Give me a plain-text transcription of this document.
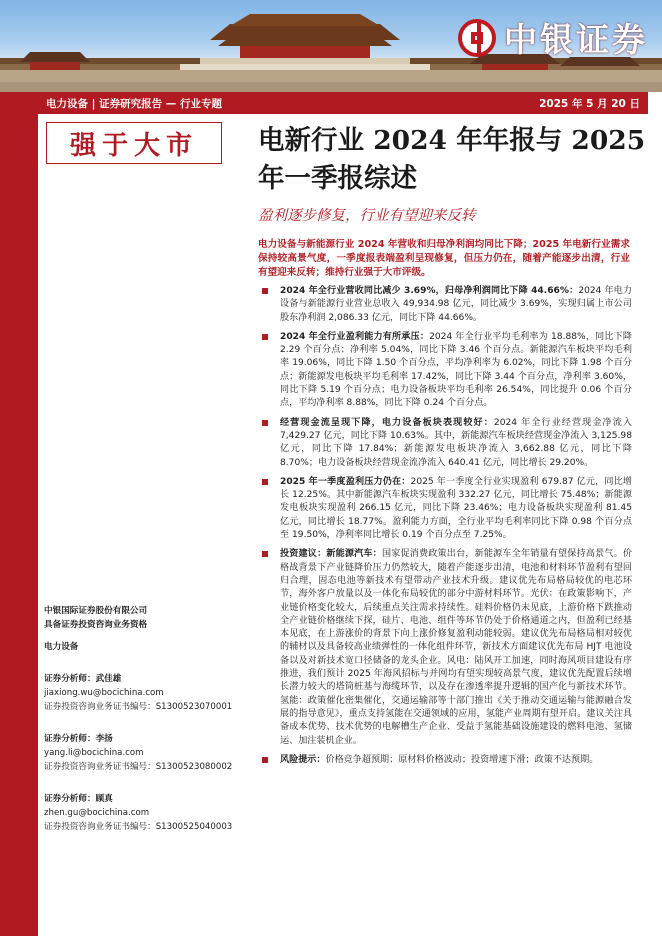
中银证券
电力设备 | 证券研究报告 — 行业专题	2025 年 5 月 20 日
强于大市 电新行业 2024 年年报与 2025 年一季报综述
盈利逐步修复，行业有望迎来反转
电力设备与新能源行业 2024 年营收和归母净利润均同比下降；2025 年电新行业需求保持较高景气度，一季度报表端盈利呈现修复，但压力仍在，随着产能逐步出清，行业有望迎来反转；维持行业强于大市评级。
2024 年全行业营收同比减少 3.69%，归母净利润同比下降 44.66%：2024 年电力设备与新能源行业营业总收入 49,934.98 亿元，同比减少 3.69%，实现归属上市公司股东净利润 2,086.33 亿元，同比下降 44.66%。
2024 年全行业盈利能力有所承压：2024 年全行业平均毛利率为 18.88%，同比下降 2.29 个百分点；净利率 5.04%，同比下降 3.46 个百分点。新能源汽车板块平均毛利率 19.06%，同比下降 1.50 个百分点，平均净利率为 6.02%，同比下降 1.98 个百分点；新能源发电板块平均毛利率 17.42%，同比下降 3.44 个百分点，净利率 3.60%，同比下降 5.19 个百分点；电力设备板块平均毛利率 26.54%，同比提升 0.06 个百分点，平均净利率 8.88%，同比下降 0.24 个百分点。
经营现金流呈现下降，电力设备板块表现较好：2024 年全行业经营现金净流入 7,429.27 亿元，同比下降 10.63%。其中，新能源汽车板块经营现金净流入 3,125.98 亿元，同比下降 17.84%；新能源发电板块净流入 3,662.88 亿元，同比下降 8.70%；电力设备板块经营现金流净流入 640.41 亿元，同比增长 29.20%。
2025 年一季度盈利压力仍在：2025 年一季度全行业实现盈利 679.87 亿元，同比增长 12.25%。其中新能源汽车板块实现盈利 332.27 亿元，同比增长 75.48%；新能源发电板块实现盈利 266.15 亿元，同比下降 23.46%；电力设备板块实现盈利 81.45 亿元，同比增长 18.77%。盈利能力方面，全行业平均毛利率同比下降 0.98 个百分点至 19.50%，净利率同比增长 0.19 个百分点至 7.25%。
投资建议：新能源汽车：国家促消费政策出台，新能源车全年销量有望保持高景气。价格战背景下产业链降价压力仍然较大，随着产能逐步出清，电池和材料环节盈利有望回归合理，固态电池等新技术有望带动产业技术升级。建议优先布局格局较优的电芯环节，海外客户放量以及一体化布局较优的部分中游材料环节。光伏：在政策影响下，产业链价格变化较大，后续重点关注需求持续性。硅料价格仍未见底，上游价格下跌推动全产业链价格继续下探，硅片、电池、组件等环节仍处于价格通道之内，但盈利已经基本见底，在上游涨价的背景下向上涨价修复盈利动能较弱。建议优先布局格局相对较优的辅材以及具备较高业绩弹性的一体化组件环节，新技术方面建议优先布局 HJT 电池设备以及对新技术宽口径储备的龙头企业。风电：陆风开工加速，同时海风项目建设有序推进，我们预计 2025 年海风招标与并网均有望实现较高景气度，建议优先配置后续增长潜力较大的塔筒桩基与海缆环节，以及存在渗透率提升逻辑的国产化与新技术环节。氢能：政策催化密集催化，交通运输部等十部门推出《关于推动交通运输与能源融合发展的指导意见》，重点支持氢能在交通领域的应用，氢能产业周期有望开启。建议关注具备成本优势、技术优势的电解槽生产企业、受益于氢能基础设施建设的燃料电池、氢储运、加注装机企业。
风险提示：价格竞争超预期；原材料价格波动；投资增速下滑；政策不达预期。
中银国际证券股份有限公司
具备证券投资咨询业务资格
电力设备
证券分析师：武佳雄
jiaxiong.wu@bocichina.com
证券投资咨询业务证书编号：S1300523070001
证券分析师：李扬
yang.li@bocichina.com
证券投资咨询业务证书编号：S1300523080002
证券分析师：顾真
zhen.gu@bocichina.com
证券投资咨询业务证书编号：S1300525040003
